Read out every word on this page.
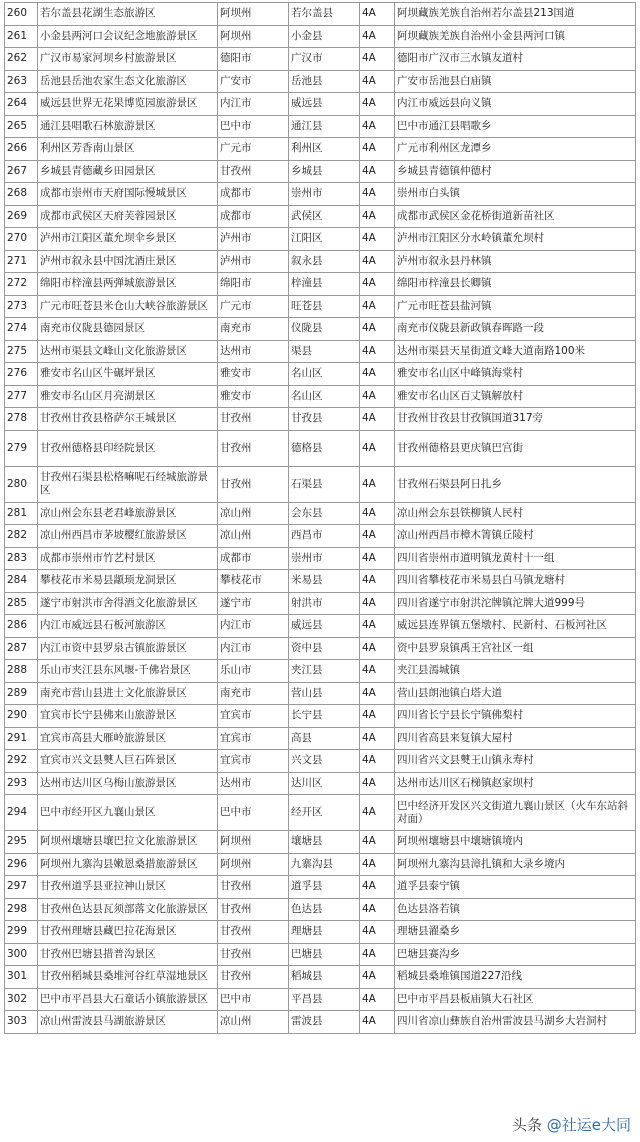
260	若尔盖县花湖生态旅游区	阿坝州	若尔盖县	4A	阿坝藏族羌族自治州若尔盖县213国道
261	小金县两河口会议纪念地旅游景区	阿坝州	小金县	4A	阿坝藏族羌族自治州小金县两河口镇
262	广汉市易家河坝乡村旅游景区	德阳市	广汉市	4A	德阳市广汉市三水镇友道村
263	岳池县岳池农家生态文化旅游区	广安市	岳池县	4A	广安市岳池县白庙镇
264	威远县世界无花果博览园旅游景区	内江市	威远县	4A	内江市威远县向义镇
265	通江县唱歌石林旅游景区	巴中市	通江县	4A	巴中市通江县唱歌乡
266	利州区芳香南山景区	广元市	利州区	4A	广元市利州区龙潭乡
267	乡城县青德藏乡田园景区	甘孜州	乡城县	4A	乡城县青德镇仲德村
268	成都市崇州市天府国际慢城景区	成都市	崇州市	4A	崇州市白头镇
269	成都市武侯区天府芙蓉园景区	成都市	武侯区	4A	成都市武侯区金花桥街道新苗社区
270	泸州市江阳区董允坝伞乡景区	泸州市	江阳区	4A	泸州市江阳区分水岭镇董允坝村
271	泸州市叙永县中国沈酒庄景区	泸州市	叙永县	4A	泸州市叙永县丹林镇
272	绵阳市梓潼县两弹城旅游景区	绵阳市	梓潼县	4A	绵阳市梓潼县长卿镇
273	广元市旺苍县米仓山大峡谷旅游景区	广元市	旺苍县	4A	广元市旺苍县盐河镇
274	南充市仪陇县德园景区	南充市	仪陇县	4A	南充市仪陇县新政镇春晖路一段
275	达州市渠县文峰山文化旅游景区	达州市	渠县	4A	达州市渠县天星街道文峰大道南路100米
276	雅安市名山区牛碾坪景区	雅安市	名山区	4A	雅安市名山区中峰镇海棠村
277	雅安市名山区月亮湖景区	雅安市	名山区	4A	雅安市名山区百丈镇解放村
278	甘孜州甘孜县格萨尔王城景区	甘孜州	甘孜县	4A	甘孜州甘孜县甘孜镇国道317旁
279	甘孜州德格县印经院景区	甘孜州	德格县	4A	甘孜州德格县更庆镇巴宫街
280	甘孜州石渠县松格嘛呢石经城旅游景区	甘孜州	石渠县	4A	甘孜州石渠县阿日扎乡
281	凉山州会东县老君峰旅游景区	凉山州	会东县	4A	凉山州会东县铁柳镇人民村
282	凉山州西昌市茅坡樱红旅游景区	凉山州	西昌市	4A	凉山州西昌市樟木箐镇丘陵村
283	成都市崇州市竹艺村景区	成都市	崇州市	4A	四川省崇州市道明镇龙黄村十一组
284	攀枝花市米易县颛顼龙洞景区	攀枝花市	米易县	4A	四川省攀枝花市米易县白马镇龙塘村
285	遂宁市射洪市舍得酒文化旅游景区	遂宁市	射洪市	4A	四川省遂宁市射洪沱牌镇沱牌大道999号
286	内江市威远县石板河旅游区	内江市	威远县	4A	威远县连界镇五堡墩村、民新村、石板河社区
287	内江市资中县罗泉古镇旅游景区	内江市	资中县	4A	资中县罗泉镇禹王宫社区一组
288	乐山市夹江县东风堰-千佛岩景区	乐山市	夹江县	4A	夹江县漹城镇
289	南充市营山县进士文化旅游景区	南充市	营山县	4A	营山县朗池镇白塔大道
290	宜宾市长宁县佛来山旅游景区	宜宾市	长宁县	4A	四川省长宁县长宁镇佛梨村
291	宜宾市高县大雁岭旅游景区	宜宾市	高县	4A	四川省高县来复镇大屋村
292	宜宾市兴文县僰人巨石阵景区	宜宾市	兴文县	4A	四川省兴文县僰王山镇永寿村
293	达州市达川区乌梅山旅游景区	达州市	达川区	4A	达州市达川区石梯镇赵家坝村
294	巴中市经开区九襄山景区	巴中市	经开区	4A	巴中经济开发区兴文街道九襄山景区（火车东站斜对面）
295	阿坝州壤塘县壤巴拉文化旅游景区	阿坝州	壤塘县	4A	阿坝州壤塘县中壤塘镇境内
296	阿坝州九寨沟县嫩恩桑措旅游景区	阿坝州	九寨沟县	4A	阿坝州九寨沟县漳扎镇和大录乡境内
297	甘孜州道孚县亚拉神山景区	甘孜州	道孚县	4A	道孚县泰宁镇
298	甘孜州色达县瓦须部落文化旅游景区	甘孜州	色达县	4A	色达县洛若镇
299	甘孜州理塘县藏巴拉花海景区	甘孜州	理塘县	4A	理塘县濯桑乡
300	甘孜州巴塘县措普沟景区	甘孜州	巴塘县	4A	巴塘县赛沟乡
301	甘孜州稻城县桑堆河谷红草湿地景区	甘孜州	稻城县	4A	稻城县桑堆镇国道227沿线
302	巴中市平昌县大石童话小镇旅游景区	巴中市	平昌县	4A	巴中市平昌县板庙镇大石社区
303	凉山州雷波县马湖旅游景区	凉山州	雷波县	4A	四川省凉山彝族自治州雷波县马湖乡大岩洞村
头条 @社运e大同
